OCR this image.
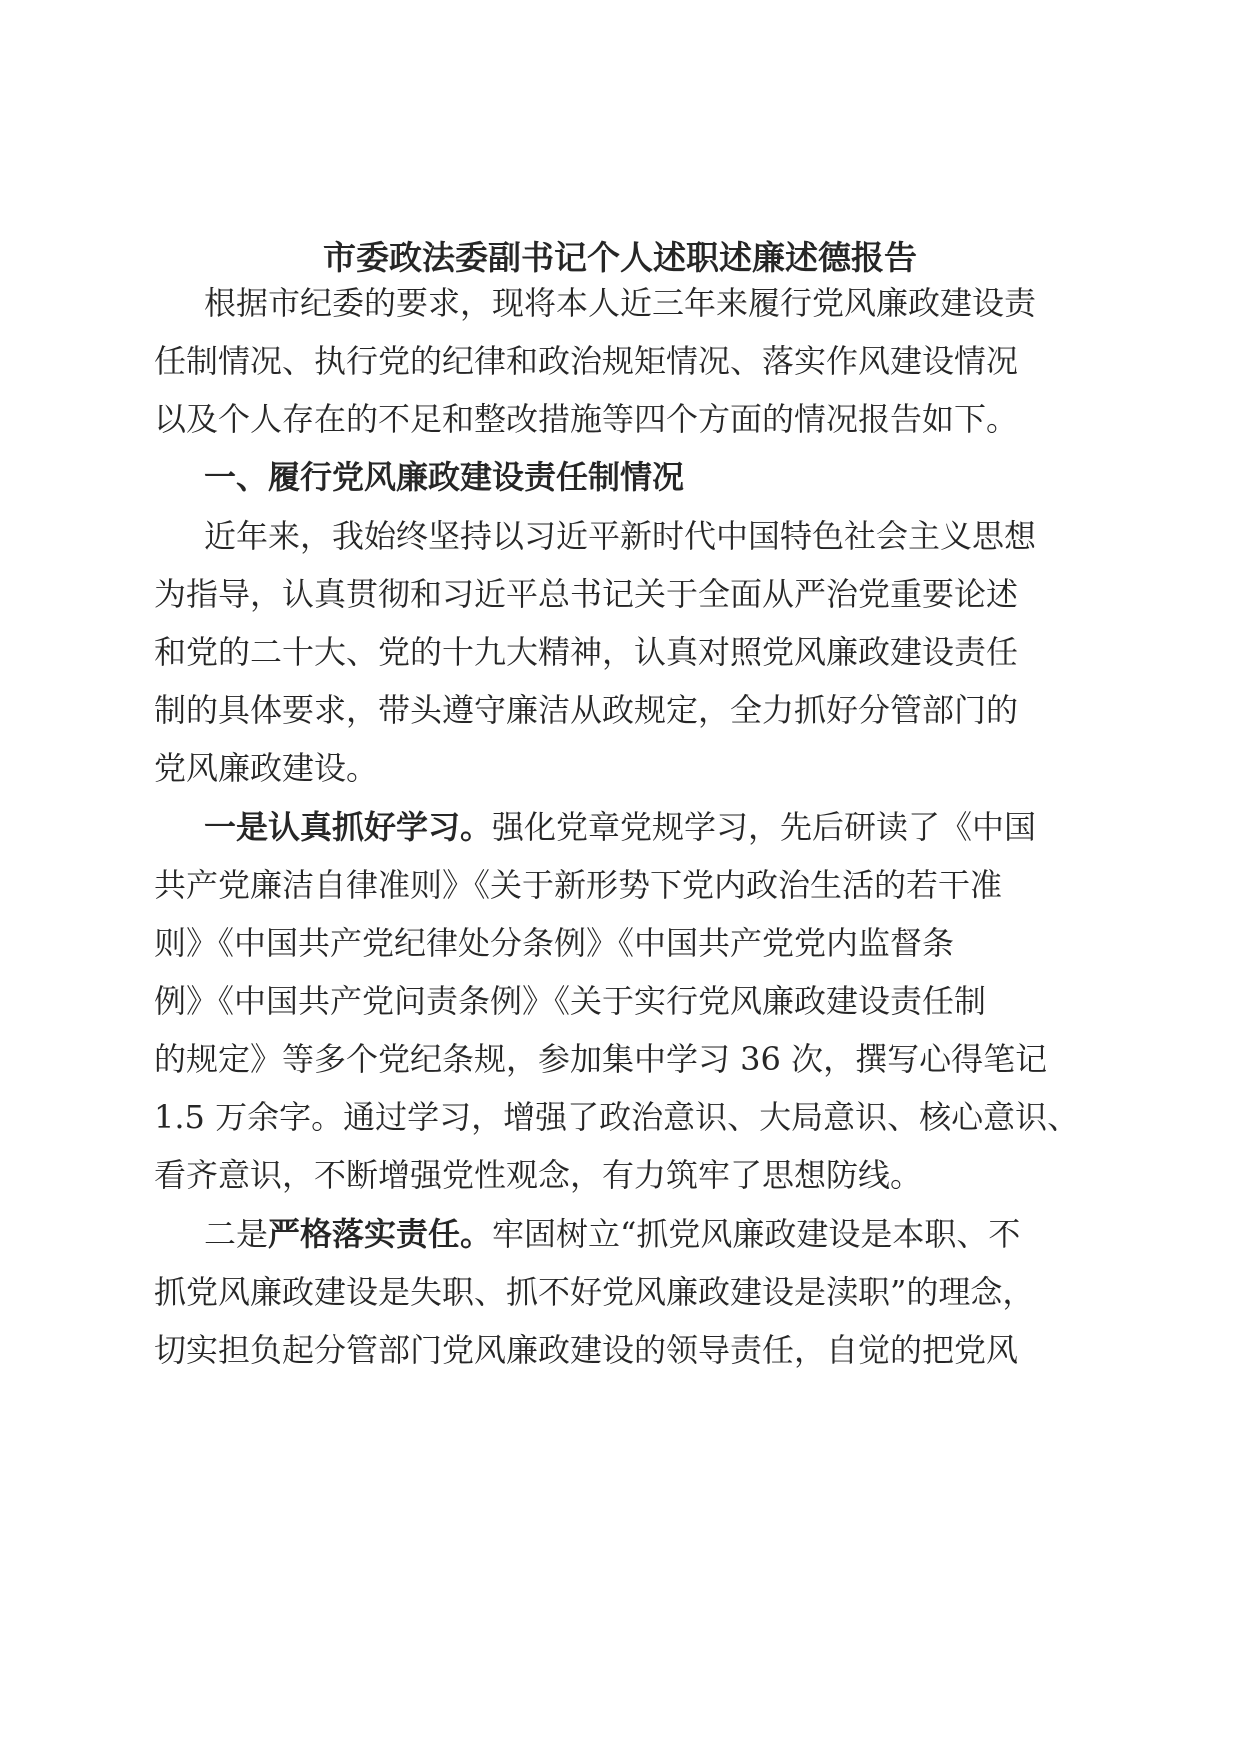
市委政法委副书记个人述职述廉述德报告
根据市纪委的要求，现将本人近三年来履行党风廉政建设责
任制情况、执行党的纪律和政治规矩情况、落实作风建设情况
以及个人存在的不足和整改措施等四个方面的情况报告如下。
一、履行党风廉政建设责任制情况
近年来，我始终坚持以习近平新时代中国特色社会主义思想
为指导，认真贯彻和习近平总书记关于全面从严治党重要论述
和党的二十大、党的十九大精神，认真对照党风廉政建设责任
制的具体要求，带头遵守廉洁从政规定，全力抓好分管部门的
党风廉政建设。
一是认真抓好学习。强化党章党规学习，先后研读了《中国
共产党廉洁自律准则》《关于新形势下党内政治生活的若干准
则》《中国共产党纪律处分条例》《中国共产党党内监督条
例》《中国共产党问责条例》《关于实行党风廉政建设责任制
的规定》等多个党纪条规，参加集中学习 36 次，撰写心得笔记
1.5 万余字。通过学习，增强了政治意识、大局意识、核心意识、
看齐意识，不断增强党性观念，有力筑牢了思想防线。
二是严格落实责任。牢固树立“抓党风廉政建设是本职、不
抓党风廉政建设是失职、抓不好党风廉政建设是渎职”的理念，
切实担负起分管部门党风廉政建设的领导责任，自觉的把党风
